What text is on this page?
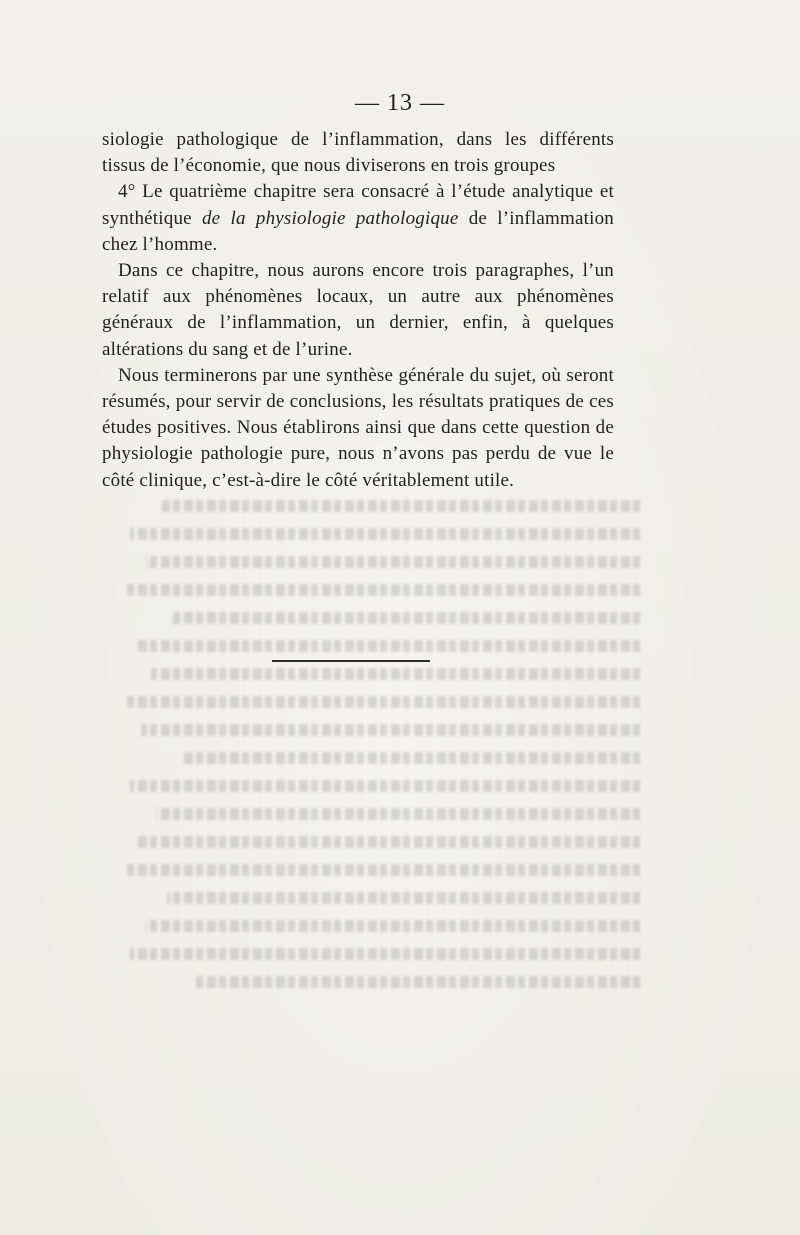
— 13 —

siologie pathologique de l’inflammation, dans les différents tissus de l’économie, que nous diviserons en trois groupes

4° Le quatrième chapitre sera consacré à l’étude analytique et synthétique de la physiologie pathologique de l’inflammation chez l’homme.

Dans ce chapitre, nous aurons encore trois paragraphes, l’un relatif aux phénomènes locaux, un autre aux phénomènes généraux de l’inflammation, un dernier, enfin, à quelques altérations du sang et de l’urine.

Nous terminerons par une synthèse générale du sujet, où seront résumés, pour servir de conclusions, les résultats pratiques de ces études positives. Nous établirons ainsi que dans cette question de physiologie pathologie pure, nous n’avons pas perdu de vue le côté clinique, c’est-à-dire le côté véritablement utile.
